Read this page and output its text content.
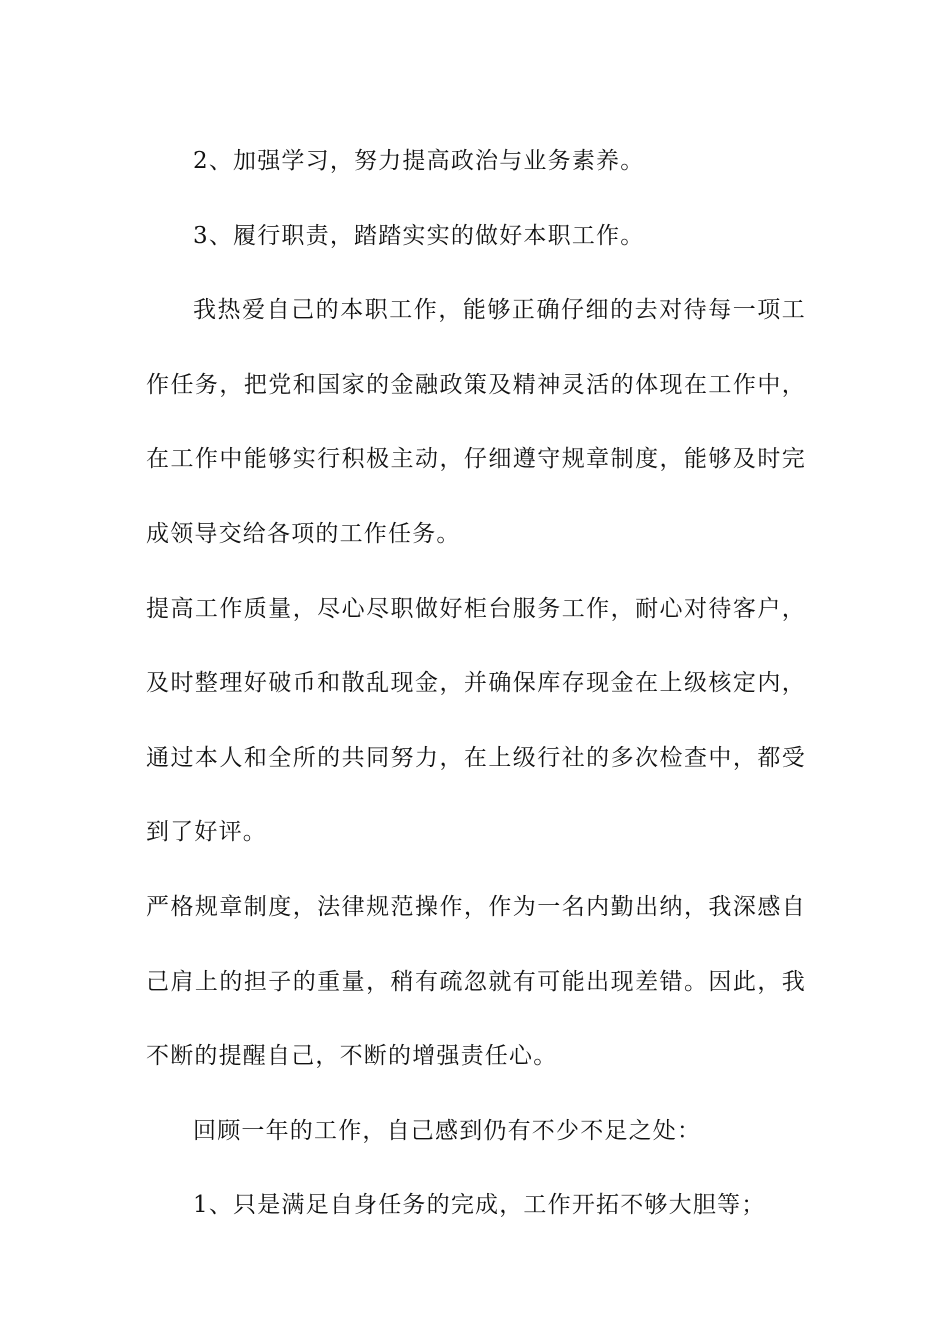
2、加强学习，努力提高政治与业务素养。

3、履行职责，踏踏实实的做好本职工作。

我热爱自己的本职工作，能够正确仔细的去对待每一项工作任务，把党和国家的金融政策及精神灵活的体现在工作中，在工作中能够实行积极主动，仔细遵守规章制度，能够及时完成领导交给各项的工作任务。

提高工作质量，尽心尽职做好柜台服务工作，耐心对待客户，及时整理好破币和散乱现金，并确保库存现金在上级核定内，通过本人和全所的共同努力，在上级行社的多次检查中，都受到了好评。

严格规章制度，法律规范操作，作为一名内勤出纳，我深感自己肩上的担子的重量，稍有疏忽就有可能出现差错。因此，我不断的提醒自己，不断的增强责任心。

回顾一年的工作，自己感到仍有不少不足之处：

1、只是满足自身任务的完成，工作开拓不够大胆等；
